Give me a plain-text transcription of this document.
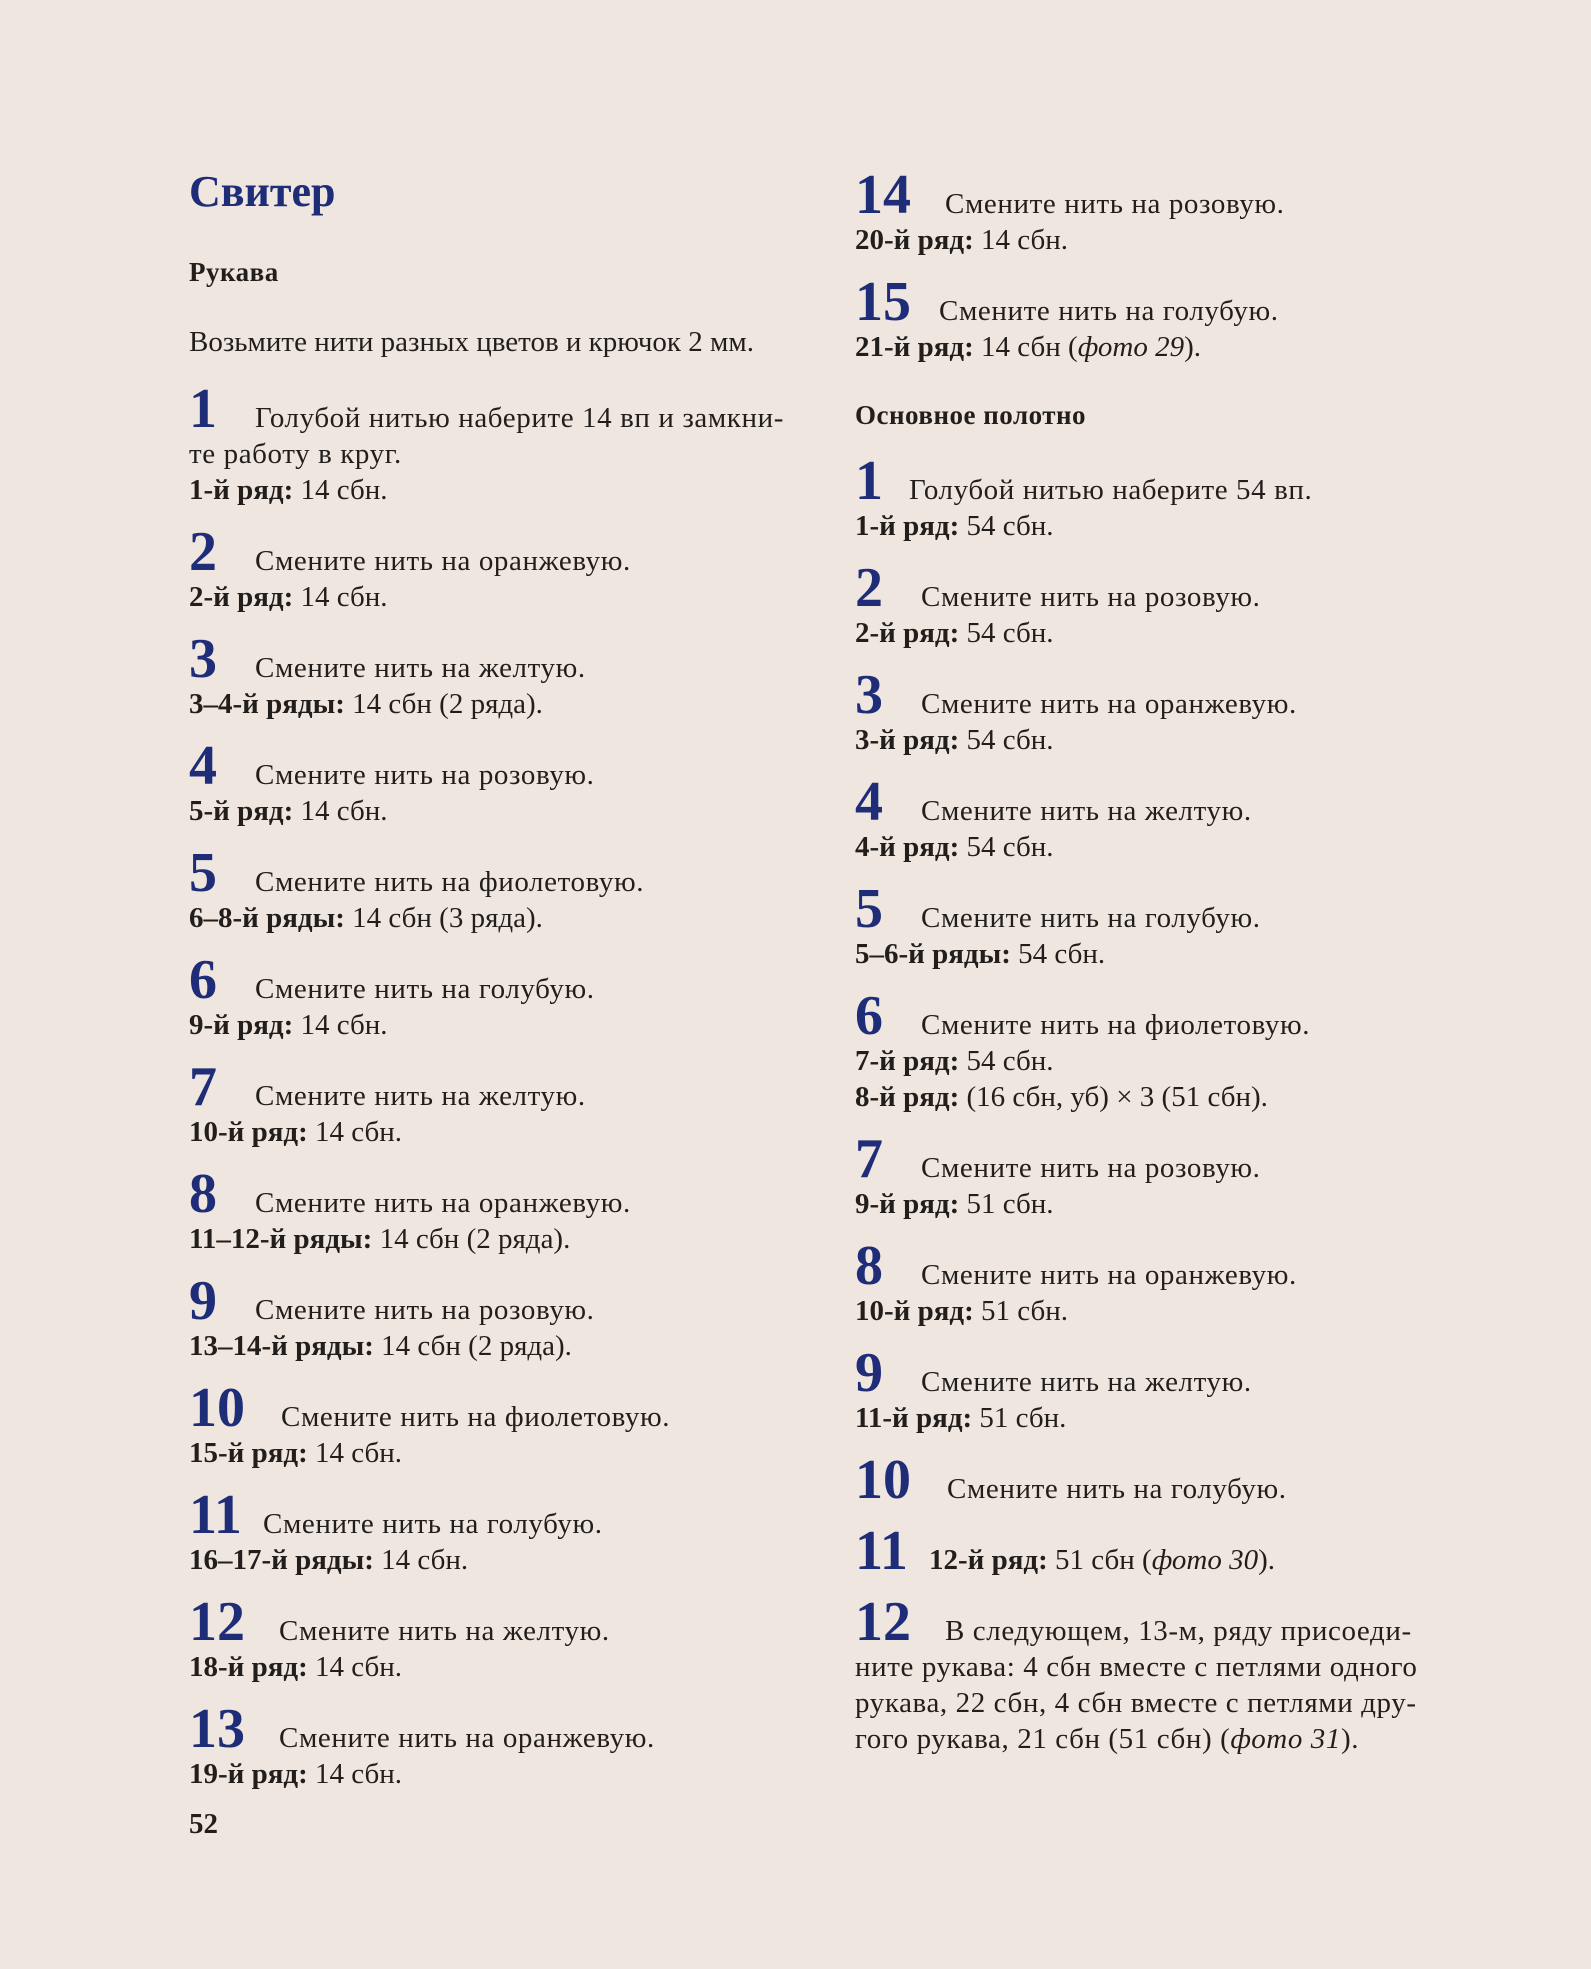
Свитер

Рукава

Возьмите нити разных цветов и крючок 2 мм.

1	Голубой нитью наберите 14 вп и замкни-
те работу в круг.
1-й ряд: 14 сбн.
2	Смените нить на оранжевую.
2-й ряд: 14 сбн.
3	Смените нить на желтую.
3–4-й ряды: 14 сбн (2 ряда).
4	Смените нить на розовую.
5-й ряд: 14 сбн.
5	Смените нить на фиолетовую.
6–8-й ряды: 14 сбн (3 ряда).
6	Смените нить на голубую.
9-й ряд: 14 сбн.
7	Смените нить на желтую.
10-й ряд: 14 сбн.
8	Смените нить на оранжевую.
11–12-й ряды: 14 сбн (2 ряда).
9	Смените нить на розовую.
13–14-й ряды: 14 сбн (2 ряда).
10	Смените нить на фиолетовую.
15-й ряд: 14 сбн.
11 Смените нить на голубую.
16–17-й ряды: 14 сбн.
12	Смените нить на желтую.
18-й ряд: 14 сбн.
13	Смените нить на оранжевую.
19-й ряд: 14 сбн.

52

14	Смените нить на розовую.
20-й ряд: 14 сбн.
15 Смените нить на голубую.
21-й ряд: 14 сбн (фото 29).

Основное полотно

1 Голубой нитью наберите 54 вп.
1-й ряд: 54 сбн.
2	Смените нить на розовую.
2-й ряд: 54 сбн.
3	Смените нить на оранжевую.
3-й ряд: 54 сбн.
4	Смените нить на желтую.
4-й ряд: 54 сбн.
5	Смените нить на голубую.
5–6-й ряды: 54 сбн.
6	Смените нить на фиолетовую.
7-й ряд: 54 сбн.
8-й ряд: (16 сбн, уб) × 3 (51 сбн).
7	Смените нить на розовую.
9-й ряд: 51 сбн.
8	Смените нить на оранжевую.
10-й ряд: 51 сбн.
9	Смените нить на желтую.
11-й ряд: 51 сбн.
10	Смените нить на голубую.
11 12-й ряд: 51 сбн (фото 30).
12	В следующем, 13-м, ряду присоеди-
ните рукава: 4 сбн вместе с петлями одного
рукава, 22 сбн, 4 сбн вместе с петлями дру-
гого рукава, 21 сбн (51 сбн) (фото 31).
